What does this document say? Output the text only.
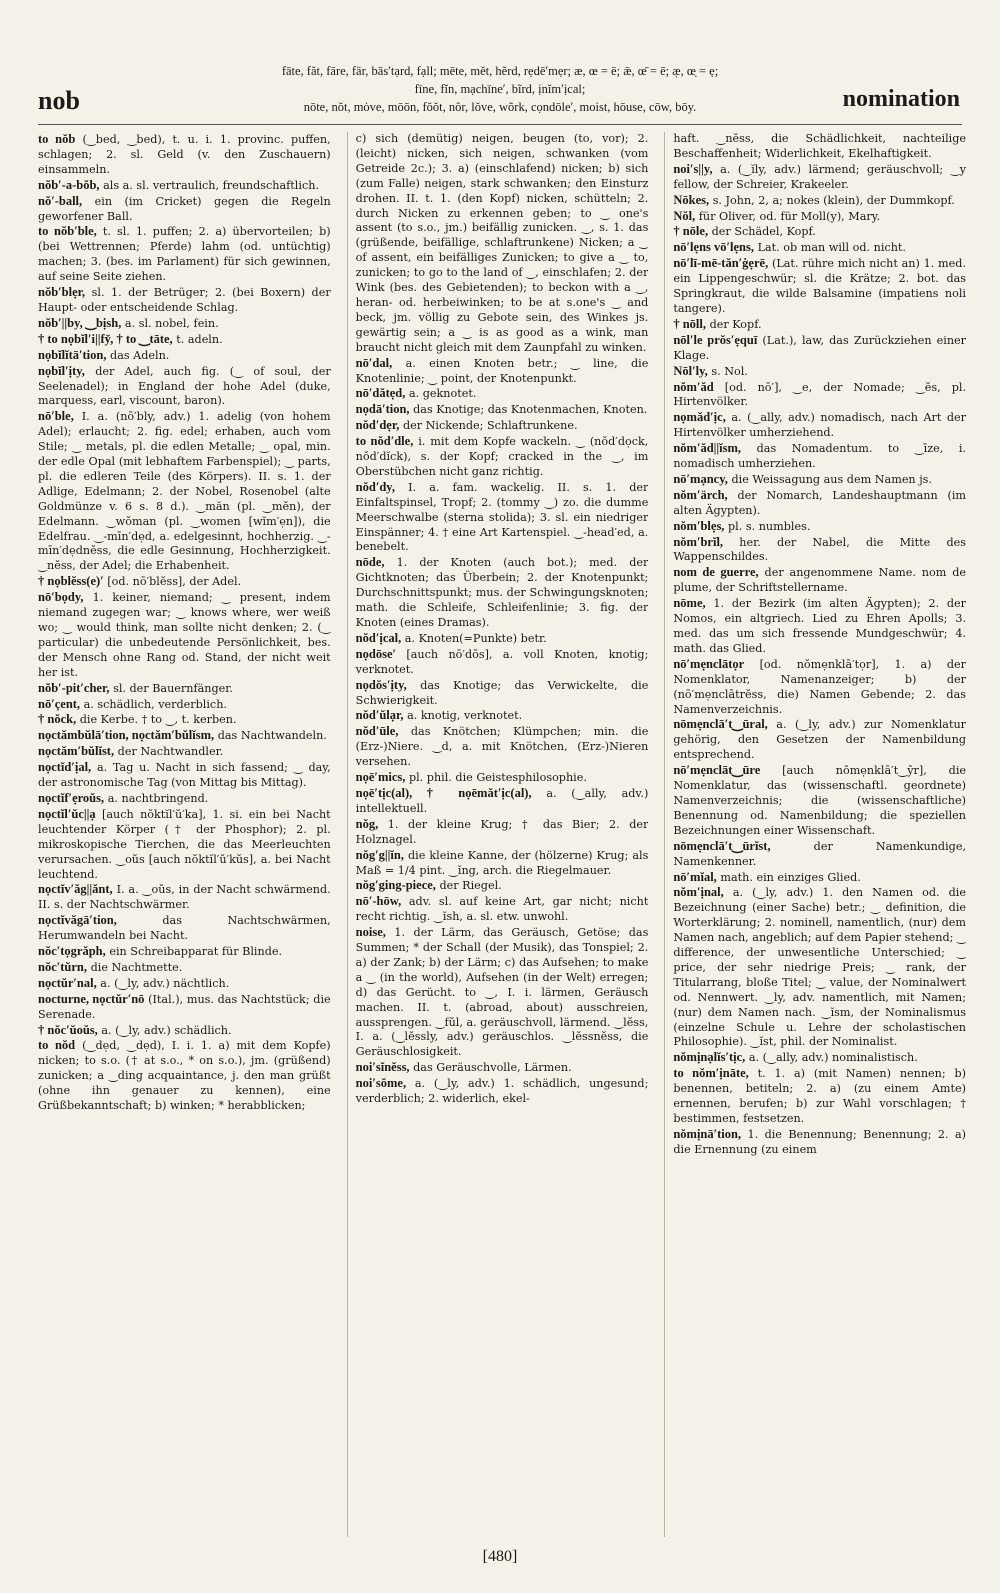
nob
fāte, făt, fāre, fär, bās′tạrd, fạll; mēte, mĕt, hẽrd, rẹdē′mẹr; æ, œ = ē; ǣ, œ̄ = ē; æ̣, œ̣ = ẹ;
fīne, fĭn, mạchīne′, bĩrd, ịnĭm′ịcal;
nōte, nŏt, mȯve, mōōn, fŏŏt, nôr, lŏve, wõrk, cọndōle′, moist, hōuse, cōw, bōy.	nomination

to nŏb (‿bed, ‿bed), t. u. i. 1. provinc. puffen, schlagen; 2. sl. Geld (v. den Zuschauern) einsammeln.

nŏb′-a-bŏb, als a. sl. vertraulich, freundschaftlich.

nŏ′-ball, ein (im Cricket) gegen die Regeln geworfener Ball.

to nŏb′ble, t. sl. 1. puffen; 2. a) übervorteilen; b) (bei Wettrennen; Pferde) lahm (od. untüchtig) machen; 3. (bes. im Parlament) für sich gewinnen, auf seine Seite ziehen.

nŏb′blẹr, sl. 1. der Betrüger; 2. (bei Boxern) der Haupt- oder entscheidende Schlag.

nŏb′||by, ‿bịsh, a. sl. nobel, fein.

† to nọbĭl′i||fy̆, † to ‿tāte, t. adeln.

nọbĭlĭtā′tion, das Adeln.

nọbĭl′ịty, der Adel, auch fig. (‿ of soul, der Seelenadel); in England der hohe Adel (duke, marquess, earl, viscount, baron).

nō′ble, I. a. (nō′bly, adv.) 1. adelig (von hohem Adel); erlaucht; 2. fig. edel; erhaben, auch vom Stile; ‿ metals, pl. die edlen Metalle; ‿ opal, min. der edle Opal (mit lebhaftem Farbenspiel); ‿ parts, pl. die edleren Teile (des Körpers). II. s. 1. der Adlige, Edelmann; 2. der Nobel, Rosenobel (alte Goldmünze v. 6 s. 8 d.). ‿măn (pl. ‿mĕn), der Edelmann. ‿wŏman (pl. ‿women [wĭm′ẹn]), die Edelfrau. ‿-mīn′dẹd, a. edelgesinnt, hochherzig. ‿-mīn′dẹdnĕss, die edle Gesinnung, Hochherzigkeit. ‿nĕss, der Adel; die Erhabenheit.

† nọblĕss(e)′ [od. nō′blĕss], der Adel.

nō′bọdy, 1. keiner, niemand; ‿ present, indem niemand zugegen war; ‿ knows where, wer weiß wo; ‿ would think, man sollte nicht denken; 2. (‿ particular) die unbedeutende Persönlichkeit, bes. der Mensch ohne Rang od. Stand, der nicht weit her ist.

nŏb′-pit′cher, sl. der Bauernfänger.

nō′çent, a. schädlich, verderblich.

† nŏck, die Kerbe. † to ‿, t. kerben.

nọctămbŭlā′tion, nọctăm′bŭlĭsm, das Nachtwandeln.

nọctăm′bŭlĭst, der Nachtwandler.

nọctĭd′ịal, a. Tag u. Nacht in sich fassend; ‿ day, der astronomische Tag (von Mittag bis Mittag).

nọctĭf′ẹroŭs, a. nachtbringend.

nọctĭl′ŭc||ạ [auch nŏktĭl′ŭ′ka], 1. si. ein bei Nacht leuchtender Körper († der Phosphor); 2. pl. mikroskopische Tierchen, die das Meerleuchten verursachen. ‿oŭs [auch nŏktĭl′ŭ′kŭs], a. bei Nacht leuchtend.

nọctĭv′ăg||ănt, I. a. ‿oŭs, in der Nacht schwärmend. II. s. der Nachtschwärmer.

nọctĭvăgā′tion,	das Nachtschwärmen, Herumwandeln bei Nacht.

nŏc′tọgrăph, ein Schreibapparat für Blinde.

nŏc′tŭrn, die Nachtmette.

nọctŭr′nal, a. (‿ly, adv.) nächtlich.

nocturne, nọctŭr′nō (Ital.), mus. das Nachtstück; die Serenade.

† nŏc′ŭoŭs, a. (‿ly, adv.) schädlich.

to nŏd (‿dẹd, ‿dẹd), I. i. 1. a) mit dem Kopfe) nicken; to s.o. († at s.o., * on s.o.), jm. (grüßend) zunicken; a ‿ding acquaintance, j. den man grüßt (ohne ihn genauer zu kennen), eine Grüßbekanntschaft; b) winken; * herabblicken;

c) sich (demütig) neigen, beugen (to, vor); 2. (leicht) nicken, sich neigen, schwanken (vom Getreide 2c.); 3. a) (einschlafend) nicken; b) sich (zum Falle) neigen, stark schwanken; den Einsturz drohen. II. t. 1. (den Kopf) nicken, schütteln; 2. durch Nicken zu erkennen geben; to ‿ one's assent (to s.o., jm.) beifällig zunicken. ‿, s. 1. das (grüßende, beifällige, schlaftrunkene) Nicken; a ‿ of assent, ein beifälliges Zunicken; to give a ‿ to, zunicken; to go to the land of ‿, einschlafen; 2. der Wink (bes. des Gebietenden); to beckon with a ‿, heran- od. herbeiwinken; to be at s.one's ‿ and beck, jm. völlig zu Gebote sein, des Winkes js. gewärtig sein; a ‿ is as good as a wink, man braucht nicht gleich mit dem Zaunpfahl zu winken.

nō′dal, a. einen Knoten betr.; ‿ line, die Knotenlinie; ‿ point, der Knotenpunkt.

nō′dătẹd, a. geknotet.

nọdā′tion, das Knotige; das Knotenmachen, Knoten.

nŏd′dẹr, der Nickende; Schlaftrunkene.

to nŏd′dle, i. mit dem Kopfe wackeln. ‿ (nŏd′dọck, nŏd′dĭck), s. der Kopf; cracked in the ‿, im Oberstübchen nicht ganz richtig.

nŏd′dy, I. a. fam. wackelig. II. s. 1. der Einfaltspinsel, Tropf; 2. (tommy ‿) zo. die dumme Meerschwalbe (sterna stolida); 3. sl. ein niedriger Einspänner; 4. † eine Art Kartenspiel. ‿-head′ed, a. benebelt.

nōde, 1. der Knoten (auch bot.); med. der Gichtknoten; das Überbein; 2. der Knotenpunkt; Durchschnittspunkt; mus. der Schwingungsknoten; math. die Schleife, Schleifenlinie; 3. fig. der Knoten (eines Dramas).

nŏd′ịcal, a. Knoten(=Punkte) betr.

nọdōse′ [auch nō′dōs], a. voll Knoten, knotig; verknotet.

nọdŏs′ịty, das Knotige; das Verwickelte, die Schwierigkeit.

nŏd′ŭlạr, a. knotig, verknotet.

nŏd′ūle, das Knötchen; Klümpchen; min. die (Erz-)Niere. ‿d, a. mit Knötchen, (Erz-)Nieren versehen.

nọē′mics, pl. phil. die Geistesphilosophie.

nọē′tịc(al), † nọēmăt′ịc(al), a. (‿ally, adv.) intellektuell.

nŏg, 1. der kleine Krug; † das Bier; 2. der Holznagel.

nŏg′g||ĭn, die kleine Kanne, der (hölzerne) Krug; als Maß = 1/4 pint. ‿ĭng, arch. die Riegelmauer.

nŏg′ging-piece, der Riegel.

nō′-hōw, adv. sl. auf keine Art, gar nicht; nicht recht richtig. ‿ĭsh, a. sl. etw. unwohl.

noise, 1. der Lärm, das Geräusch, Getöse; das Summen; * der Schall (der Musik), das Tonspiel; 2. a) der Zank; b) der Lärm; c) das Aufsehen; to make a ‿ (in the world), Aufsehen (in der Welt) erregen; d) das Gerücht. to ‿, I. i. lärmen, Geräusch machen. II. t. (abroad, about) ausschreien, aussprengen. ‿fŭl, a. geräuschvoll, lärmend. ‿lĕss, I. a. (‿lĕssly, adv.) geräuschlos. ‿lĕssnĕss, die Geräuschlosigkeit.

noi′sĭnĕss, das Geräuschvolle, Lärmen.

noi′sŏme, a. (‿ly, adv.) 1. schädlich, ungesund; verderblich; 2. widerlich, ekel-

haft. ‿nĕss, die Schädlichkeit, nachteilige Beschaffenheit; Widerlichkeit, Ekelhaftigkeit.

noi′s||y, a. (‿ĭly, adv.) lärmend; geräuschvoll; ‿y fellow, der Schreier, Krakeeler.

Nōkes, s. John, 2, a; nokes (klein), der Dummkopf.

Nŏl, für Oliver, od. für Moll(y), Mary.

† nōle, der Schädel, Kopf.

nō′lẹns vō′lẹns, Lat. ob man will od. nicht.

nō′lī-mē-tăn′ġẹrē, (Lat. rühre mich nicht an) 1. med. ein Lippengeschwür; sl. die Krätze; 2. bot. das Springkraut, die wilde Balsamine (impatiens noli tangere).

† nōll, der Kopf.

nōl′le prŏs′ẹquī (Lat.), law, das Zurückziehen einer Klage.

Nōl′ly, s. Nol.

nŏm′ăd [od. nō′], ‿e, der Nomade; ‿ĕs, pl. Hirtenvölker.

nọmăd′ịc, a. (‿ally, adv.) nomadisch, nach Art der Hirtenvölker umherziehend.

nŏm′ăd||ĭsm, das Nomadentum. to ‿īze, i. nomadisch umherziehen.

nō′mạncy, die Weissagung aus dem Namen js.

nŏm′ärch, der Nomarch, Landeshauptmann (im alten Ägypten).

nŏm′blẹs, pl. s. numbles.

nŏm′brĭl, her. der Nabel, die Mitte des Wappenschildes.

nom de guerre, der angenommene Name. nom de plume, der Schriftstellername.

nōme, 1. der Bezirk (im alten Ägypten); 2. der Nomos, ein altgriech. Lied zu Ehren Apolls; 3. med. das um sich fressende Mundgeschwür; 4. math. das Glied.

nō′mẹnclātọr [od. nŏmẹnklā′tọr], 1. a) der Nomenklator, Namenanzeiger; b) der (nō′mẹnclātrĕss, die) Namen Gebende; 2. das Namenverzeichnis.

nōmẹnclā′t‿ūral, a. (‿ly, adv.) zur Nomenklatur gehörig, den Gesetzen der Namenbildung entsprechend.

nō′mẹnclāt‿ūre [auch nŏmẹnklā′t‿ŷr], die Nomenklatur, das (wissenschaftl. geordnete) Namenverzeichnis; die (wissenschaftliche) Benennung od. Namenbildung; die speziellen Bezeichnungen einer Wissenschaft.

nōmẹnclā′t‿ūrĭst,	der Namenkundige, Namenkenner.

nō′mĭal, math. ein einziges Glied.

nŏm′ịnal, a. (‿ly, adv.) 1. den Namen od. die Bezeichnung (einer Sache) betr.; ‿ definition, die Worterklärung; 2. nominell, namentlich, (nur) dem Namen nach, angeblich; auf dem Papier stehend; ‿ difference, der unwesentliche Unterschied; ‿ price, der sehr niedrige Preis; ‿ rank, der Titularrang, bloße Titel; ‿ value, der Nominalwert od. Nennwert. ‿ly, adv. namentlich, mit Namen; (nur) dem Namen nach. ‿ĭsm, der Nominalismus (einzelne Schule u. Lehre der scholastischen Philosophie). ‿ĭst, phil. der Nominalist.

nŏmịnạlĭs′tịc, a. (‿ally, adv.) nominalistisch.

to nŏm′ịnāte, t. 1. a) (mit Namen) nennen; b) benennen, betiteln; 2. a) (zu einem Amte) ernennen, berufen; b) zur Wahl vorschlagen; † bestimmen, festsetzen.

nŏmịnā′tion, 1. die Benennung; Benennung; 2. a) die Ernennung (zu einem

[480]
